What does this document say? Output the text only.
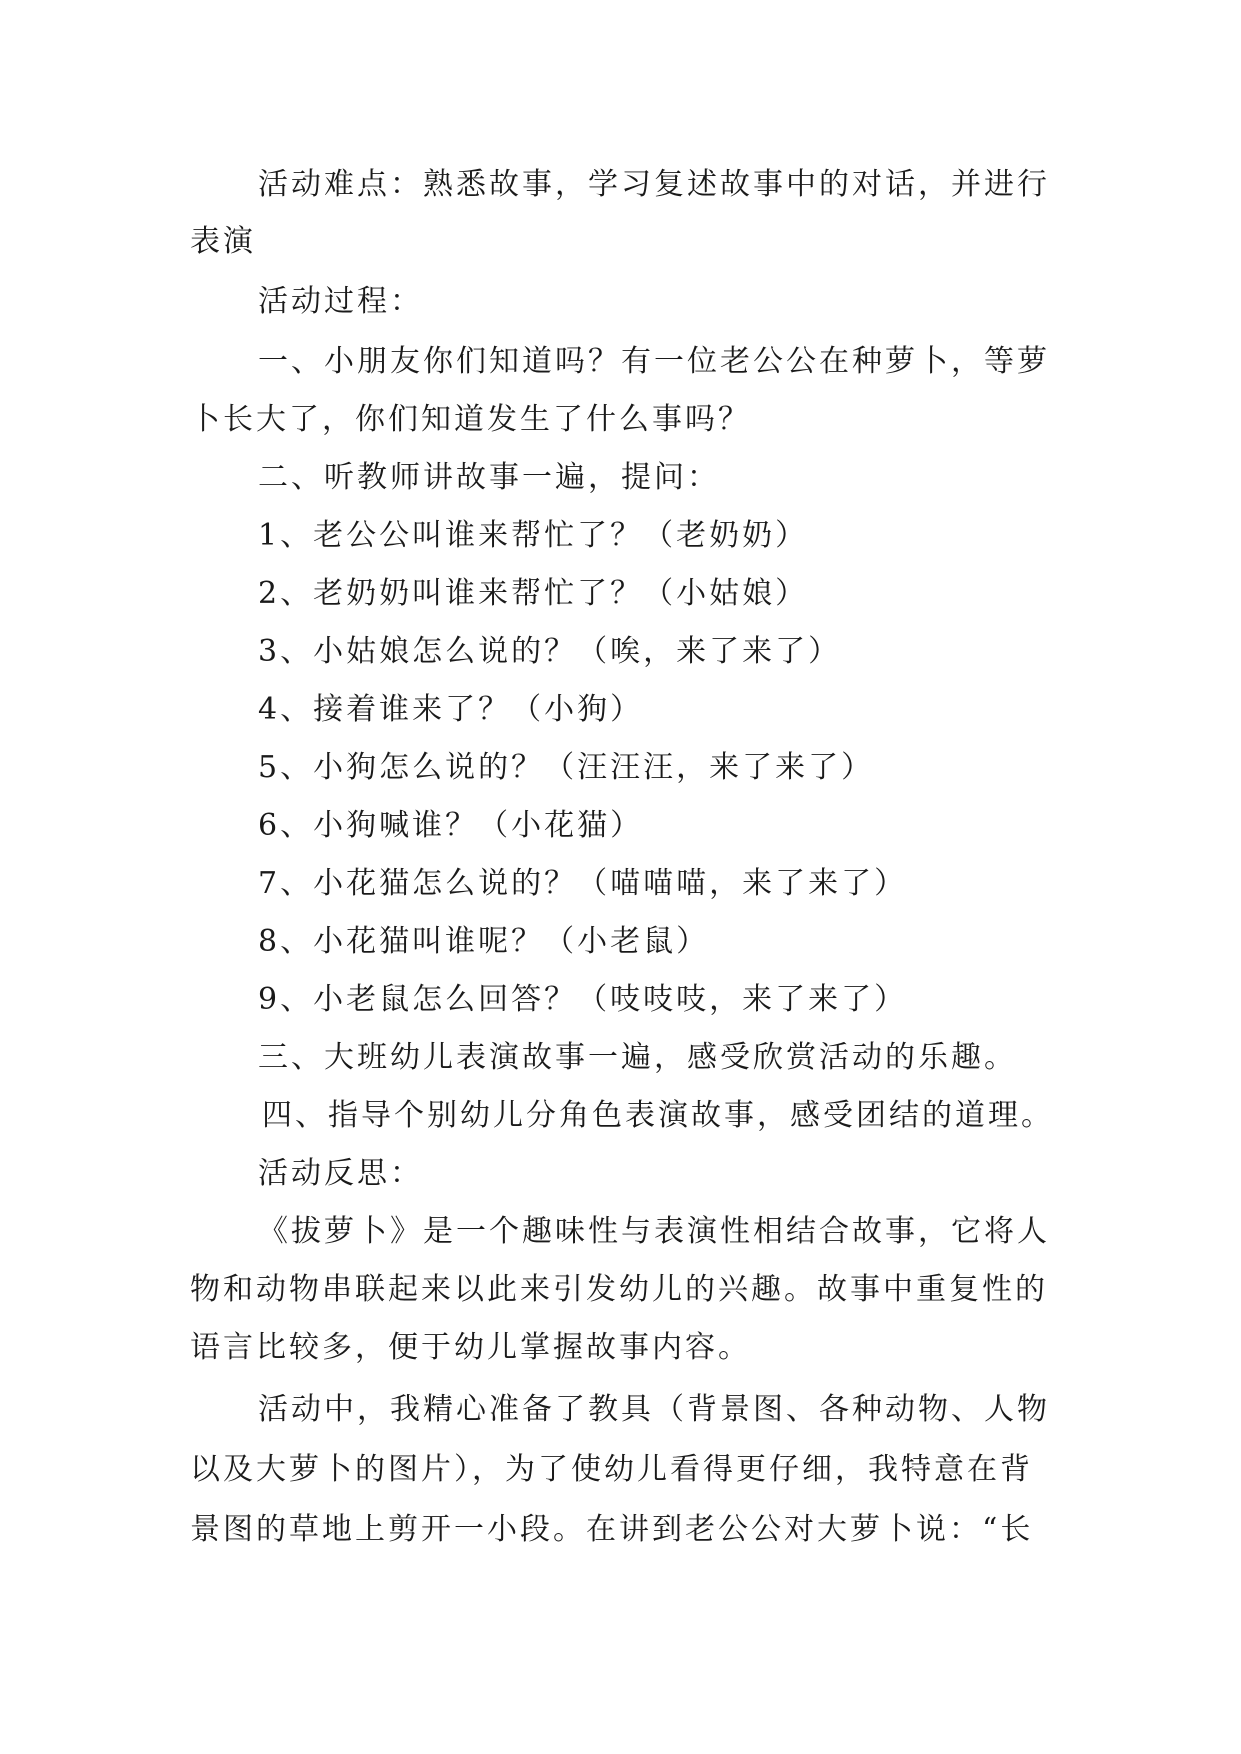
活动难点：熟悉故事，学习复述故事中的对话，并进行
表演
活动过程：
一、小朋友你们知道吗？有一位老公公在种萝卜，等萝
卜长大了，你们知道发生了什么事吗？
二、听教师讲故事一遍，提问：
1、老公公叫谁来帮忙了？（老奶奶）
2、老奶奶叫谁来帮忙了？（小姑娘）
3、小姑娘怎么说的？（唉，来了来了）
4、接着谁来了？（小狗）
5、小狗怎么说的？（汪汪汪，来了来了）
6、小狗喊谁？（小花猫）
7、小花猫怎么说的？（喵喵喵，来了来了）
8、小花猫叫谁呢？（小老鼠）
9、小老鼠怎么回答？（吱吱吱，来了来了）
三、大班幼儿表演故事一遍，感受欣赏活动的乐趣。
四、指导个别幼儿分角色表演故事，感受团结的道理。
活动反思：
《拔萝卜》是一个趣味性与表演性相结合故事，它将人
物和动物串联起来以此来引发幼儿的兴趣。故事中重复性的
语言比较多，便于幼儿掌握故事内容。
活动中，我精心准备了教具（背景图、各种动物、人物
以及大萝卜的图片），为了使幼儿看得更仔细，我特意在背
景图的草地上剪开一小段。在讲到老公公对大萝卜说：“长
